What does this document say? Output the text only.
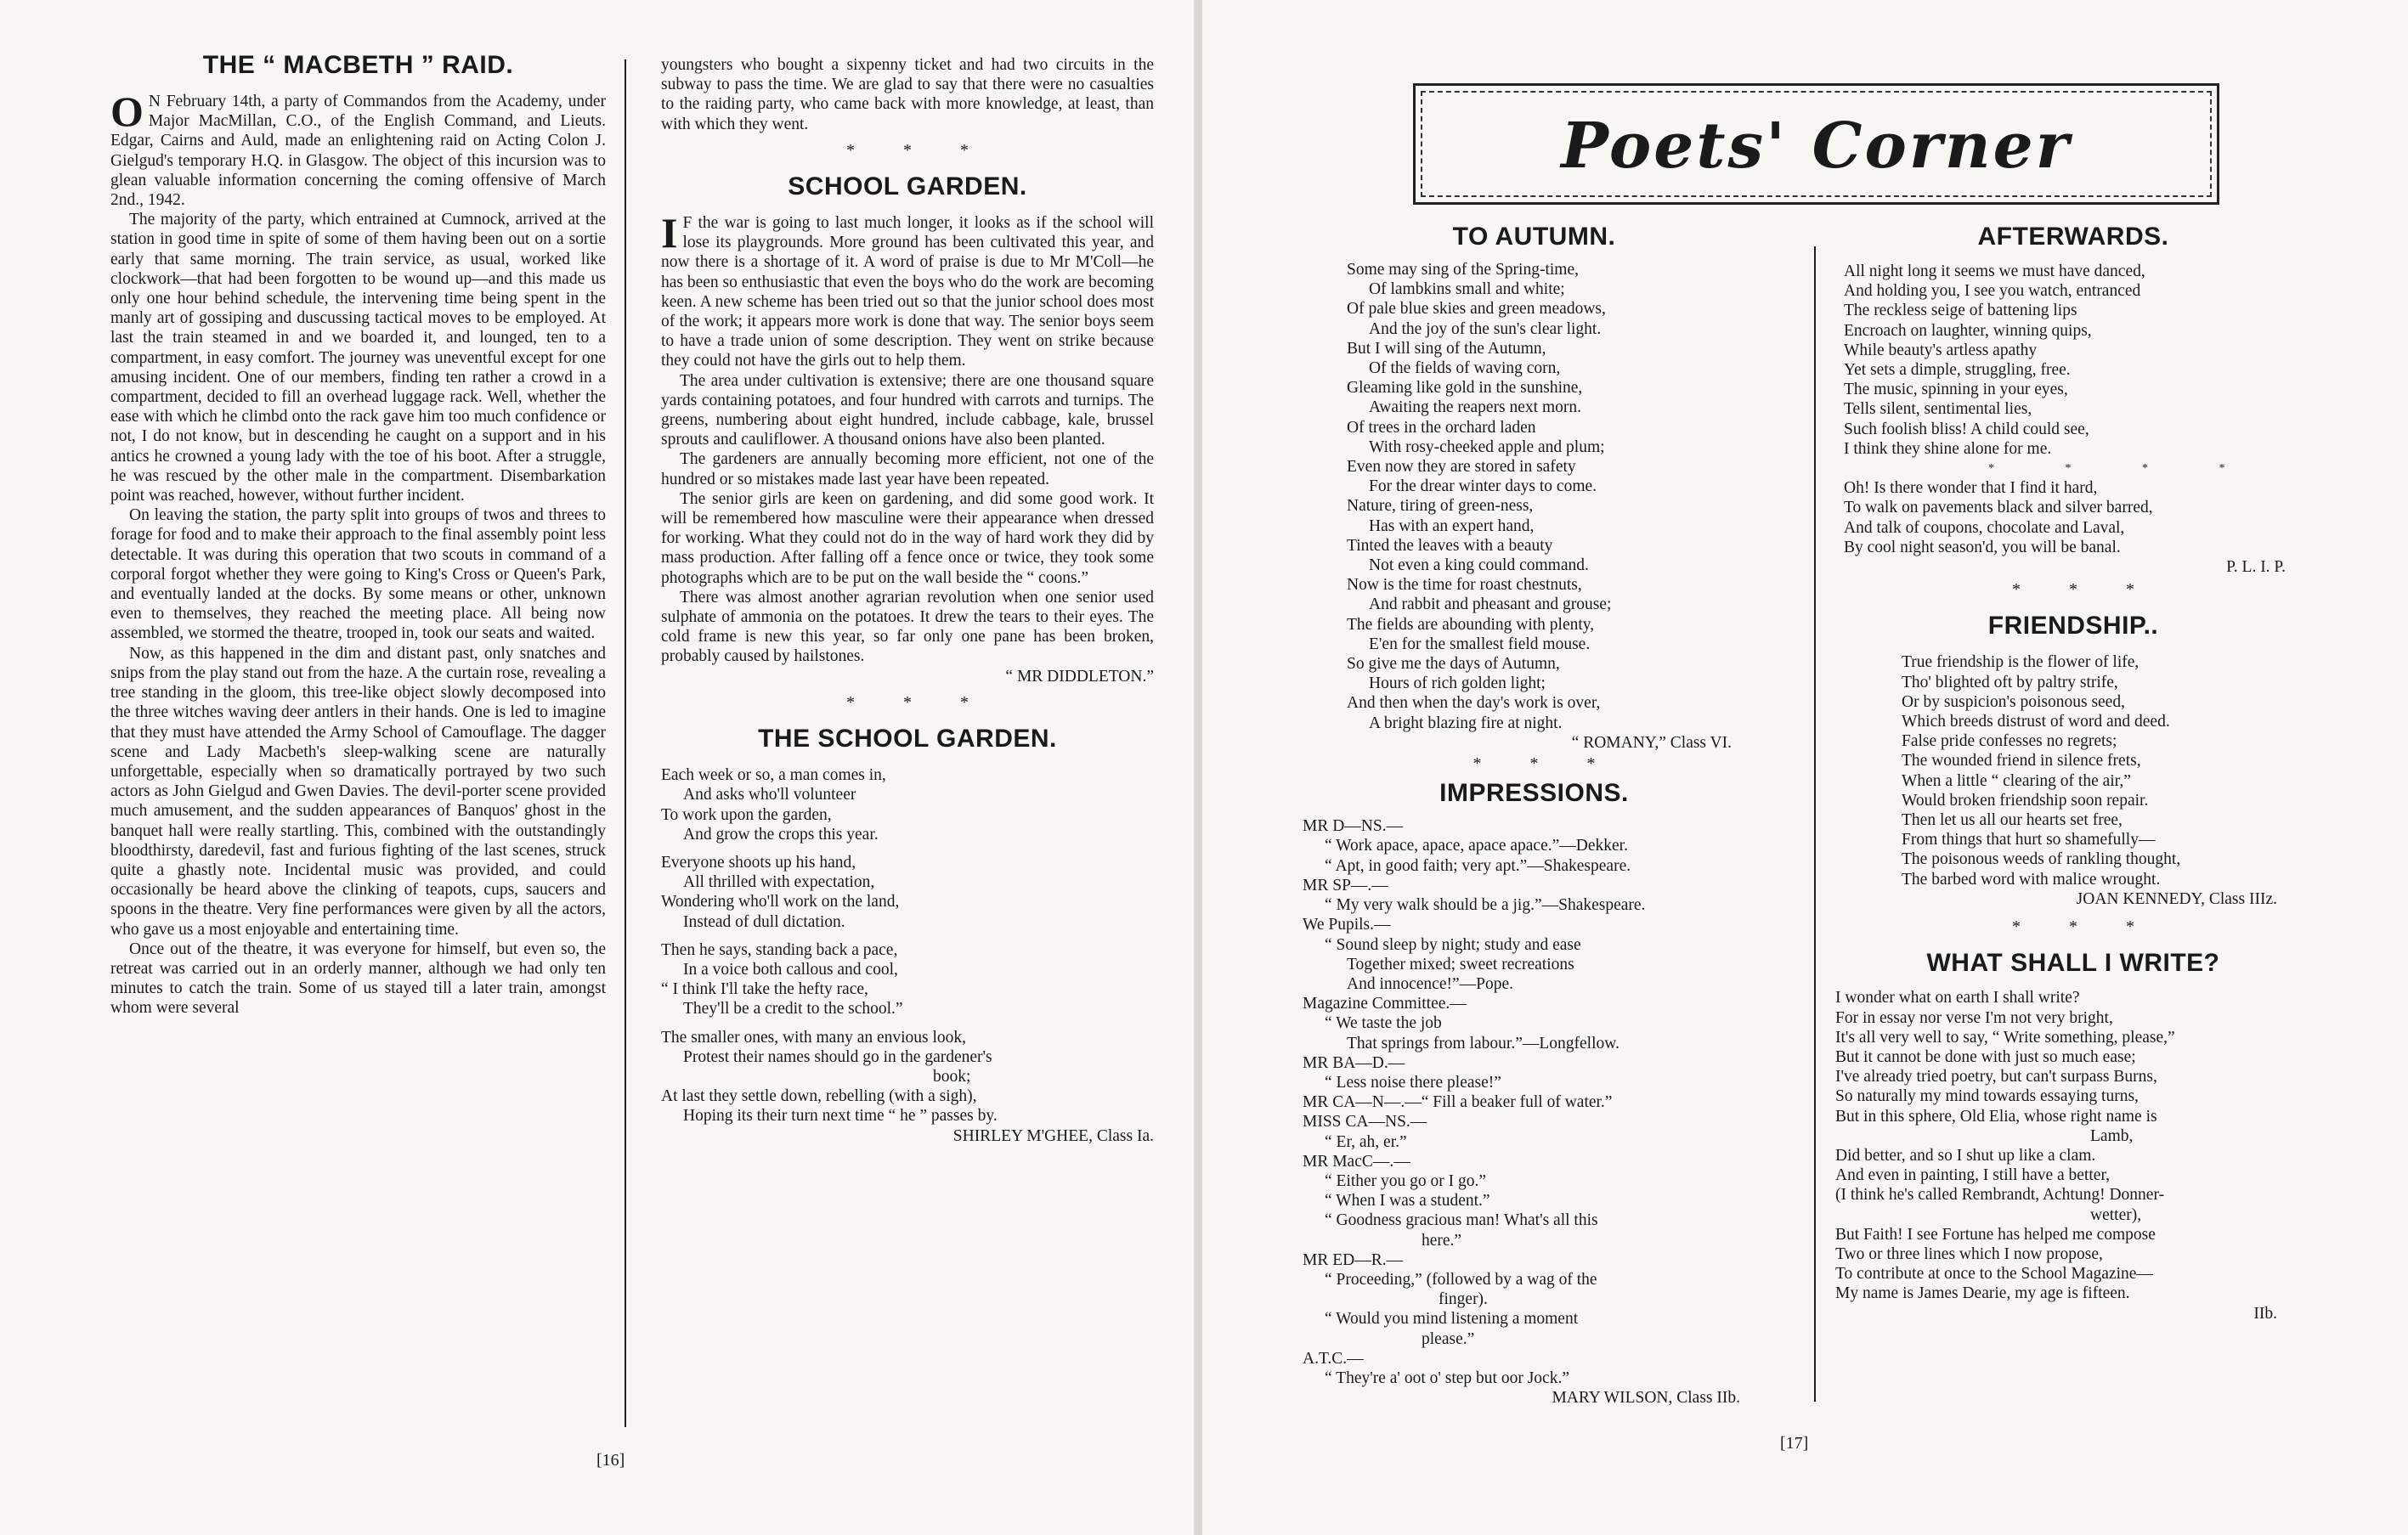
THE “ MACBETH ” RAID.

O N February 14th, a party of Commandos from the Academy, under Major MacMillan, C.O., of the English Command, and Lieuts. Edgar, Cairns and Auld, made an enlightening raid on Acting Colon J. Gielgud's temporary H.Q. in Glasgow. The object of this incursion was to glean valuable information concerning the coming offensive of March 2nd., 1942.

The majority of the party, which entrained at Cumnock, arrived at the station in good time in spite of some of them having been out on a sortie early that same morning. The train service, as usual, worked like clockwork—that had been forgotten to be wound up—and this made us only one hour behind schedule, the intervening time being spent in the manly art of gossiping and duscussing tactical moves to be employed. At last the train steamed in and we boarded it, and lounged, ten to a compartment, in easy comfort. The journey was uneventful except for one amusing incident. One of our members, finding ten rather a crowd in a compartment, decided to fill an overhead luggage rack. Well, whether the ease with which he climbd onto the rack gave him too much confidence or not, I do not know, but in descending he caught on a support and in his antics he crowned a young lady with the toe of his boot. After a struggle, he was rescued by the other male in the compartment. Disembarkation point was reached, however, without further incident.

On leaving the station, the party split into groups of twos and threes to forage for food and to make their approach to the final assembly point less detectable. It was during this operation that two scouts in command of a corporal forgot whether they were going to King's Cross or Queen's Park, and eventually landed at the docks. By some means or other, unknown even to themselves, they reached the meeting place. All being now assembled, we stormed the theatre, trooped in, took our seats and waited.

Now, as this happened in the dim and distant past, only snatches and snips from the play stand out from the haze. A the curtain rose, revealing a tree standing in the gloom, this tree-like object slowly decomposed into the three witches waving deer antlers in their hands. One is led to imagine that they must have attended the Army School of Camouflage. The dagger scene and Lady Macbeth's sleep-walking scene are naturally unforgettable, especially when so dramatically portrayed by two such actors as John Gielgud and Gwen Davies. The devil-porter scene provided much amusement, and the sudden appearances of Banquos' ghost in the banquet hall were really startling. This, combined with the outstandingly bloodthirsty, daredevil, fast and furious fighting of the last scenes, struck quite a ghastly note. Incidental music was provided, and could occasionally be heard above the clinking of teapots, cups, saucers and spoons in the theatre. Very fine performances were given by all the actors, who gave us a most enjoyable and entertaining time.

Once out of the theatre, it was everyone for himself, but even so, the retreat was carried out in an orderly manner, although we had only ten minutes to catch the train. Some of us stayed till a later train, amongst whom were several

youngsters who bought a sixpenny ticket and had two circuits in the subway to pass the time. We are glad to say that there were no casualties to the raiding party, who came back with more knowledge, at least, than with which they went.

* * *
SCHOOL GARDEN.

I F the war is going to last much longer, it looks as if the school will lose its playgrounds. More ground has been cultivated this year, and now there is a shortage of it. A word of praise is due to Mr M'Coll—he has been so enthusiastic that even the boys who do the work are becoming keen. A new scheme has been tried out so that the junior school does most of the work; it appears more work is done that way. The senior boys seem to have a trade union of some description. They went on strike because they could not have the girls out to help them.

The area under cultivation is extensive; there are one thousand square yards containing potatoes, and four hundred with carrots and turnips. The greens, numbering about eight hundred, include cabbage, kale, brussel sprouts and cauliflower. A thousand onions have also been planted.

The gardeners are annually becoming more efficient, not one of the hundred or so mistakes made last year have been repeated.

The senior girls are keen on gardening, and did some good work. It will be remembered how masculine were their appearance when dressed for working. What they could not do in the way of hard work they did by mass production. After falling off a fence once or twice, they took some photographs which are to be put on the wall beside the “ coons.”

There was almost another agrarian revolution when one senior used sulphate of ammonia on the potatoes. It drew the tears to their eyes. The cold frame is new this year, so far only one pane has been broken, probably caused by hailstones.

“ MR DIDDLETON.”

* * *
THE SCHOOL GARDEN.
Each week or so, a man comes in,
And asks who'll volunteer
To work upon the garden,
And grow the crops this year.
Everyone shoots up his hand,
All thrilled with expectation,
Wondering who'll work on the land,
Instead of dull dictation.
Then he says, standing back a pace,
In a voice both callous and cool,
“ I think I'll take the hefty race,
They'll be a credit to the school.”
The smaller ones, with many an envious look,
Protest their names should go in the gardener's
book;
At last they settle down, rebelling (with a sigh),
Hoping its their turn next time “ he ” passes by.

SHIRLEY M'GHEE, Class Ia.

[16]
Poets' Corner
TO AUTUMN.
Some may sing of the Spring-time,
Of lambkins small and white;
Of pale blue skies and green meadows,
And the joy of the sun's clear light.
But I will sing of the Autumn,
Of the fields of waving corn,
Gleaming like gold in the sunshine,
Awaiting the reapers next morn.
Of trees in the orchard laden
With rosy-cheeked apple and plum;
Even now they are stored in safety
For the drear winter days to come.
Nature, tiring of green-ness,
Has with an expert hand,
Tinted the leaves with a beauty
Not even a king could command.
Now is the time for roast chestnuts,
And rabbit and pheasant and grouse;
The fields are abounding with plenty,
E'en for the smallest field mouse.
So give me the days of Autumn,
Hours of rich golden light;
And then when the day's work is over,
A bright blazing fire at night.

“ ROMANY,” Class VI.

* * *
IMPRESSIONS.
MR D—NS.—
“ Work apace, apace, apace apace.”—Dekker.
“ Apt, in good faith; very apt.”—Shakespeare.
MR SP—.—
“ My very walk should be a jig.”—Shakespeare.
We Pupils.—
“ Sound sleep by night; study and ease
Together mixed; sweet recreations
And innocence!”—Pope.
Magazine Committee.—
“ We taste the job
That springs from labour.”—Longfellow.
MR BA—D.—
“ Less noise there please!”
MR CA—N—.—“ Fill a beaker full of water.”
MISS CA—NS.—
“ Er, ah, er.”
MR MacC—.—
“ Either you go or I go.”
“ When I was a student.”
“ Goodness gracious man! What's all this
here.”
MR ED—R.—
“ Proceeding,” (followed by a wag of the
finger).
“ Would you mind listening a moment
please.”
A.T.C.—
“ They're a' oot o' step but oor Jock.”

MARY WILSON, Class IIb.

AFTERWARDS.
All night long it seems we must have danced,
And holding you, I see you watch, entranced
The reckless seige of battening lips
Encroach on laughter, winning quips,
While beauty's artless apathy
Yet sets a dimple, struggling, free.
The music, spinning in your eyes,
Tells silent, sentimental lies,
Such foolish bliss! A child could see,
I think they shine alone for me.
* * * *
Oh! Is there wonder that I find it hard,
To walk on pavements black and silver barred,
And talk of coupons, chocolate and Laval,
By cool night season'd, you will be banal.

P. L. I. P.

* * *
FRIENDSHIP..
True friendship is the flower of life,
Tho' blighted oft by paltry strife,
Or by suspicion's poisonous seed,
Which breeds distrust of word and deed.
False pride confesses no regrets;
The wounded friend in silence frets,
When a little “ clearing of the air,”
Would broken friendship soon repair.
Then let us all our hearts set free,
From things that hurt so shamefully—
The poisonous weeds of rankling thought,
The barbed word with malice wrought.

JOAN KENNEDY, Class IIIz.

* * *
WHAT SHALL I WRITE?
I wonder what on earth I shall write?
For in essay nor verse I'm not very bright,
It's all very well to say, “ Write something, please,”
But it cannot be done with just so much ease;
I've already tried poetry, but can't surpass Burns,
So naturally my mind towards essaying turns,
But in this sphere, Old Elia, whose right name is
Lamb,
Did better, and so I shut up like a clam.
And even in painting, I still have a better,
(I think he's called Rembrandt, Achtung! Donner-
wetter),
But Faith! I see Fortune has helped me compose
Two or three lines which I now propose,
To contribute at once to the School Magazine—
My name is James Dearie, my age is fifteen.

IIb.

[17]
